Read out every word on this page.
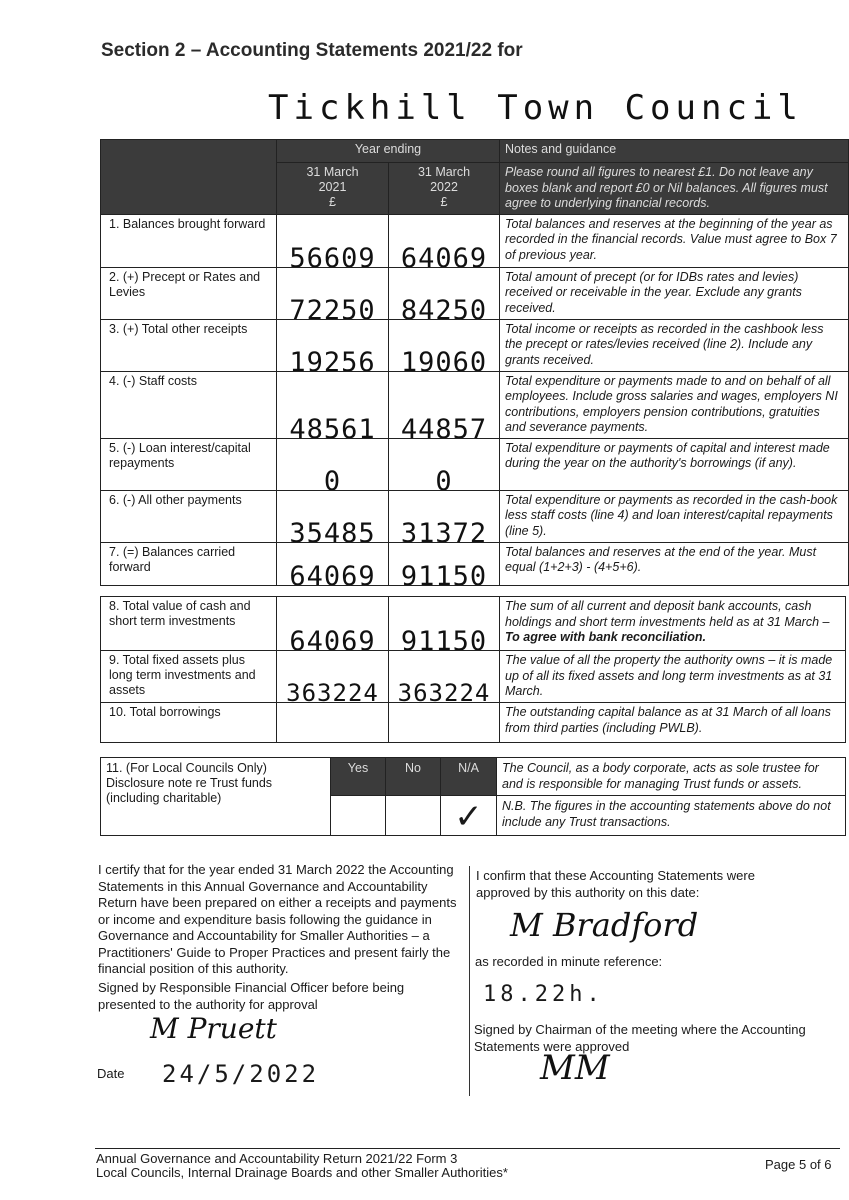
Section 2 – Accounting Statements 2021/22 for
Tickhill Town Council
	Year ending		Notes and guidance
	31 March
2021
£	31 March
2022
£	Please round all figures to nearest £1. Do not leave any boxes blank and report £0 or Nil balances. All figures must agree to underlying financial records.
1. Balances brought forward	56609	64069	Total balances and reserves at the beginning of the year as recorded in the financial records. Value must agree to Box 7 of previous year.
2. (+) Precept or Rates and Levies	72250	84250	Total amount of precept (or for IDBs rates and levies) received or receivable in the year. Exclude any grants received.
3. (+) Total other receipts	19256	19060	Total income or receipts as recorded in the cashbook less the precept or rates/levies received (line 2). Include any grants received.
4. (-) Staff costs	48561	44857	Total expenditure or payments made to and on behalf of all employees. Include gross salaries and wages, employers NI contributions, employers pension contributions, gratuities and severance payments.
5. (-) Loan interest/capital repayments	0	0	Total expenditure or payments of capital and interest made during the year on the authority's borrowings (if any).
6. (-) All other payments	35485	31372	Total expenditure or payments as recorded in the cash-book less staff costs (line 4) and loan interest/capital repayments (line 5).
7. (=) Balances carried forward	64069	91150	Total balances and reserves at the end of the year. Must equal (1+2+3) - (4+5+6).
8. Total value of cash and short term investments	64069	91150	The sum of all current and deposit bank accounts, cash holdings and short term investments held as at 31 March – To agree with bank reconciliation.
9. Total fixed assets plus long term investments and assets	363224	363224	The value of all the property the authority owns – it is made up of all its fixed assets and long term investments as at 31 March.
10. Total borrowings			The outstanding capital balance as at 31 March of all loans from third parties (including PWLB).
11. (For Local Councils Only) Disclosure note re Trust funds (including charitable)	Yes	No	N/A	The Council, as a body corporate, acts as sole trustee for and is responsible for managing Trust funds or assets.
			✓	N.B. The figures in the accounting statements above do not include any Trust transactions.
I certify that for the year ended 31 March 2022 the Accounting Statements in this Annual Governance and Accountability Return have been prepared on either a receipts and payments or income and expenditure basis following the guidance in Governance and Accountability for Smaller Authorities – a Practitioners' Guide to Proper Practices and present fairly the financial position of this authority.
Signed by Responsible Financial Officer before being presented to the authority for approval
M Pruett
Date 24/5/2022
I confirm that these Accounting Statements were approved by this authority on this date:
M Bradford
as recorded in minute reference:
18.22h.
Signed by Chairman of the meeting where the Accounting Statements were approved
MM
Annual Governance and Accountability Return 2021/22 Form 3
Local Councils, Internal Drainage Boards and other Smaller Authorities*
Page 5 of 6
